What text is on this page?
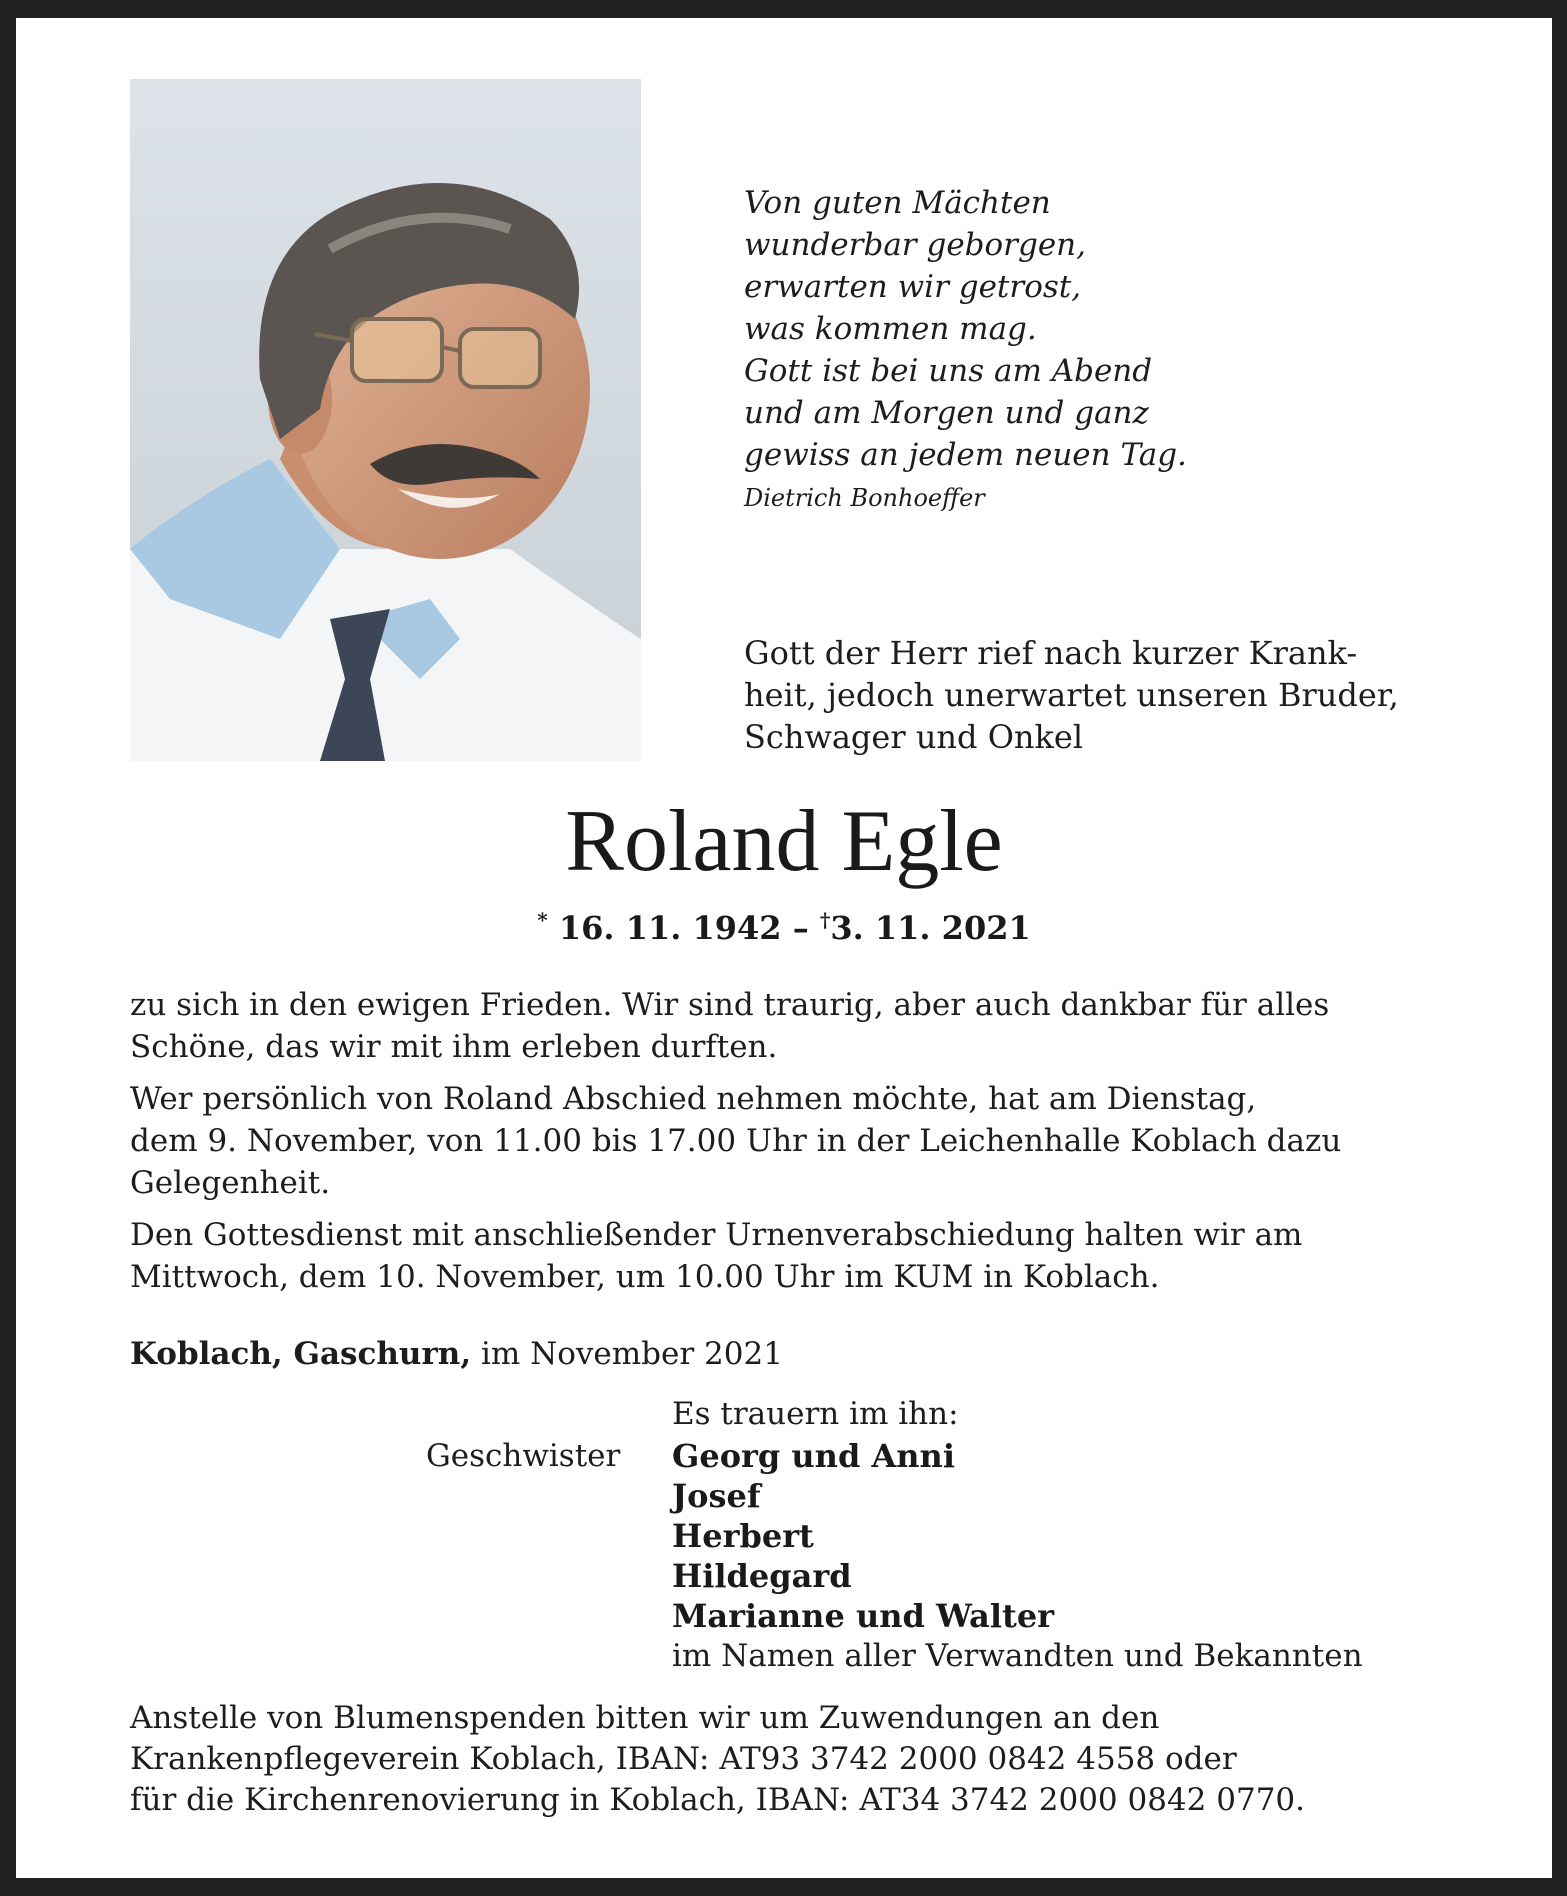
Von guten Mächten
wunderbar geborgen,
erwarten wir getrost,
was kommen mag.
Gott ist bei uns am Abend
und am Morgen und ganz
gewiss an jedem neuen Tag.
Dietrich Bonhoeffer
Gott der Herr rief nach kurzer Krank-
heit, jedoch unerwartet unseren Bruder,
Schwager und Onkel
Roland Egle
* 16. 11. 1942 – †3. 11. 2021
zu sich in den ewigen Frieden. Wir sind traurig, aber auch dankbar für alles
Schöne, das wir mit ihm erleben durften.
Wer persönlich von Roland Abschied nehmen möchte, hat am Dienstag,
dem 9. November, von 11.00 bis 17.00 Uhr in der Leichenhalle Koblach dazu
Gelegenheit.
Den Gottesdienst mit anschließender Urnenverabschiedung halten wir am
Mittwoch, dem 10. November, um 10.00 Uhr im KUM in Koblach.
Koblach, Gaschurn, im November 2021
Es trauern im ihn:
Geschwister Georg und Anni
Josef
Herbert
Hildegard
Marianne und Walter
im Namen aller Verwandten und Bekannten
Anstelle von Blumenspenden bitten wir um Zuwendungen an den
Krankenpflegeverein Koblach, IBAN: AT93 3742 2000 0842 4558 oder
für die Kirchenrenovierung in Koblach, IBAN: AT34 3742 2000 0842 0770.
